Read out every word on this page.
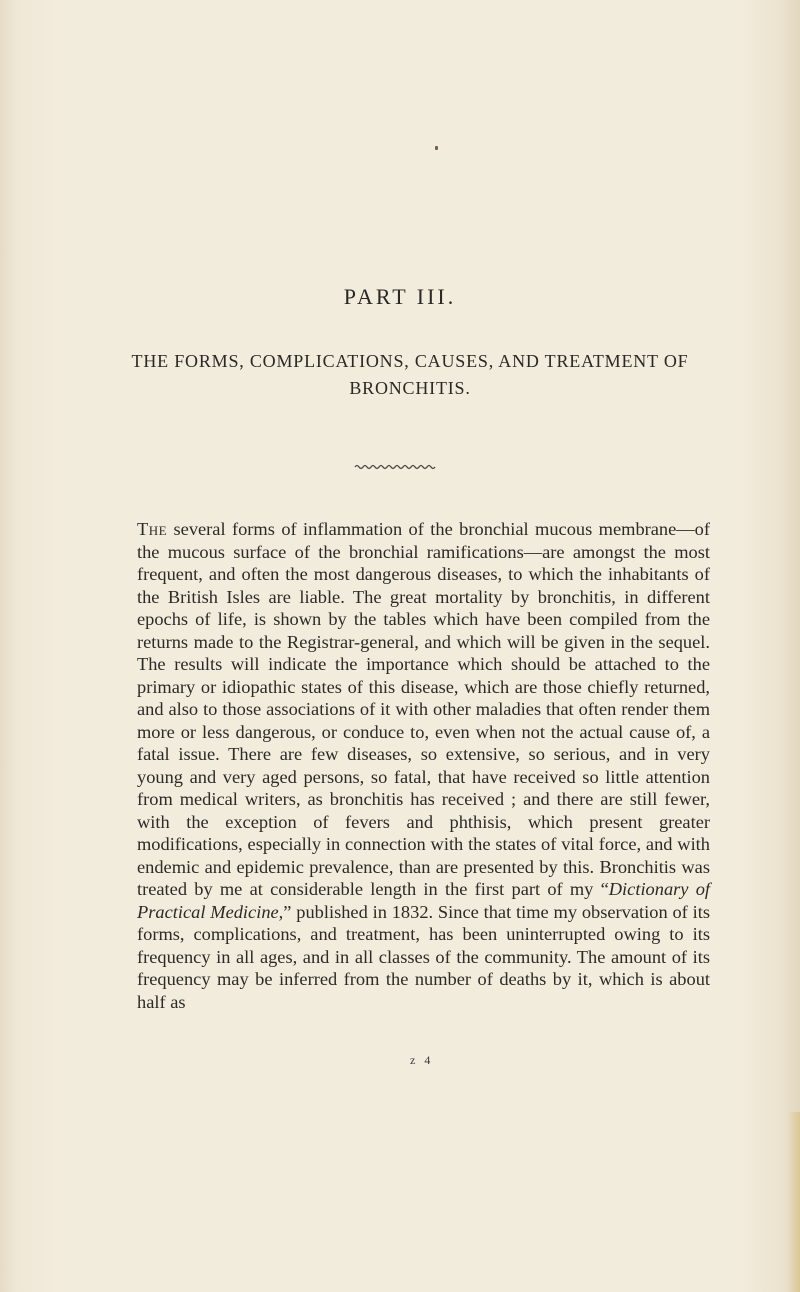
PART III.
THE FORMS, COMPLICATIONS, CAUSES, AND TREATMENT OF BRONCHITIS.

The several forms of inflammation of the bronchial mucous membrane—of the mucous surface of the bronchial ramifications—are amongst the most frequent, and often the most dangerous diseases, to which the inhabitants of the British Isles are liable. The great mortality by bronchitis, in different epochs of life, is shown by the tables which have been compiled from the returns made to the Registrar-general, and which will be given in the sequel. The results will indicate the importance which should be attached to the primary or idiopathic states of this disease, which are those chiefly returned, and also to those associations of it with other maladies that often render them more or less dangerous, or conduce to, even when not the actual cause of, a fatal issue. There are few diseases, so extensive, so serious, and in very young and very aged persons, so fatal, that have received so little attention from medical writers, as bronchitis has received ; and there are still fewer, with the exception of fevers and phthisis, which present greater modifications, especially in connection with the states of vital force, and with endemic and epidemic prevalence, than are presented by this. Bronchitis was treated by me at considerable length in the first part of my “Dictionary of Practical Medicine,” published in 1832. Since that time my observation of its forms, complications, and treatment, has been uninterrupted owing to its frequency in all ages, and in all classes of the community. The amount of its frequency may be inferred from the number of deaths by it, which is about half as

z 4
